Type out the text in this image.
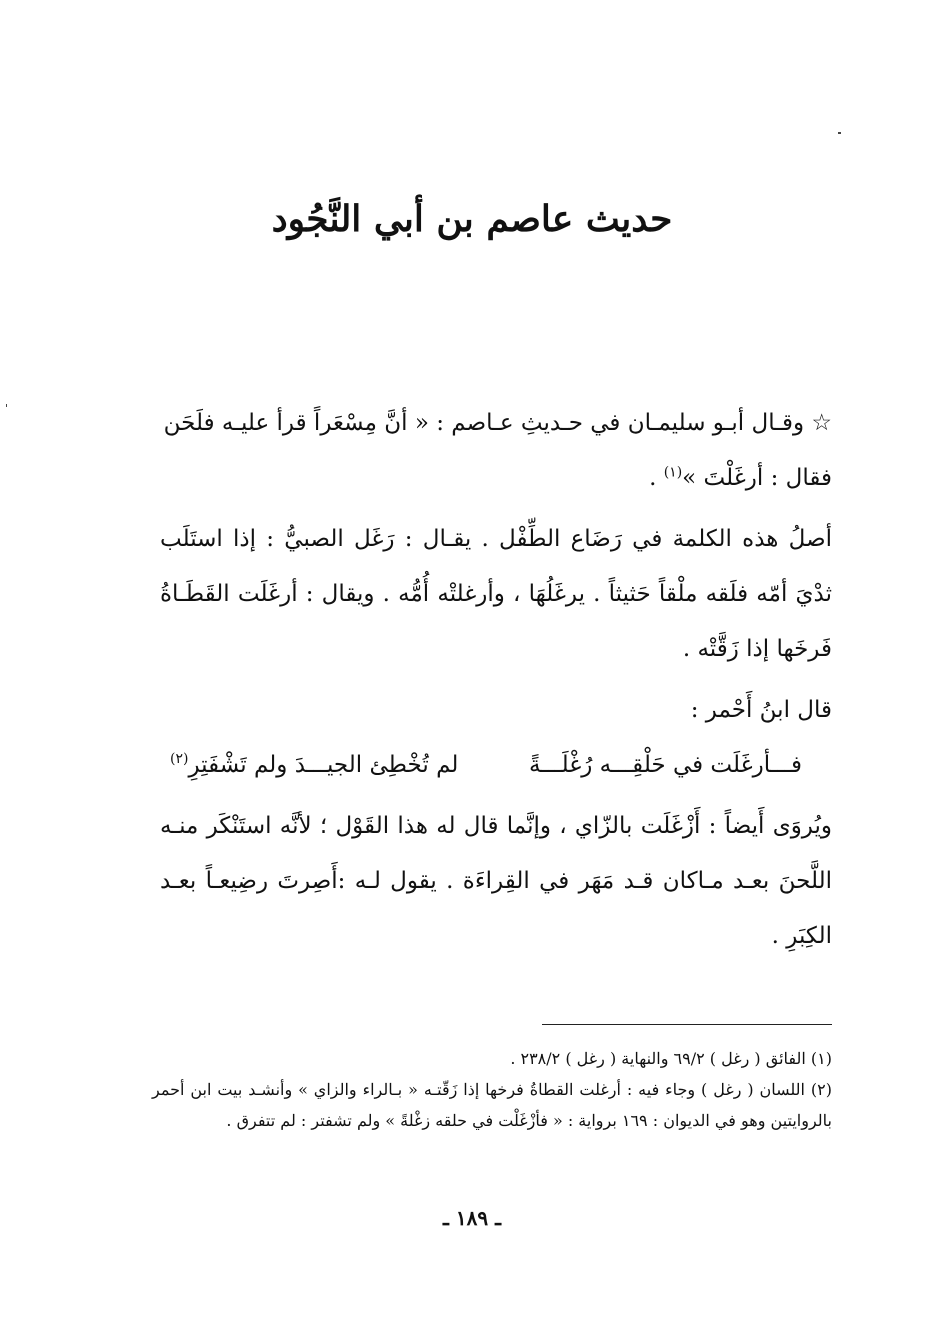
حديث عاصم بن أبي النَّجُود

☆ وقـال أبـو سليمـان في حـديثِ عـاصم : « أنَّ مِسْعَراً قرأ عليـه فلَحَن
فقال : أرغَلْتَ »$^{(١)}$ .

أصلُ هذه الكلمة في رَضَاع الطِّفْل . يقـال : رَغَل الصبيُّ : إذا استَلَب ثدْيَ أمّه فلَقه ملْقاً حَثيثاً . يرغَلُهَا ، وأرغلتْه أُمُّه . ويقال : أرغَلَت القَطَـاةُ فَرخَها إذا زَقَّتْه .

قال ابنُ أَحْمر :

فـــأرغَلَت في حَلْقِـــه رُغْلَـــةً
لم تُخْطِئ الجيـــدَ ولم تَشْفَتِرِ(٢)

ويُروَى أَيضاً : أَزْغَلَت بالزّاي ، وإنَّما قال له هذا القَوْل ؛ لأنَّه استَنْكَر منـه اللَّحنَ بعـد مـاكان قـد مَهَر في القِراءَة . يقول لـه :أَصِرتَ رضِيعـاً بعـد الكِبَرِ .

(١) الفائق ( رغل ) ٦٩/٢ والنهاية ( رغل ) ٢٣٨/٢ .

(٢) اللسان ( رغل ) وجاء فيه : أرغلت القطاةُ فرخها إذا زَقّتـه « بـالراء والزاي » وأنشـد بيت ابن أحمر بالروايتين وهو في الديوان : ١٦٩ برواية : « فأزْغَلْت في حلقه زغْلةً » ولم تشفتر : لم تتفرق .

ـ ١٨٩ ـ
